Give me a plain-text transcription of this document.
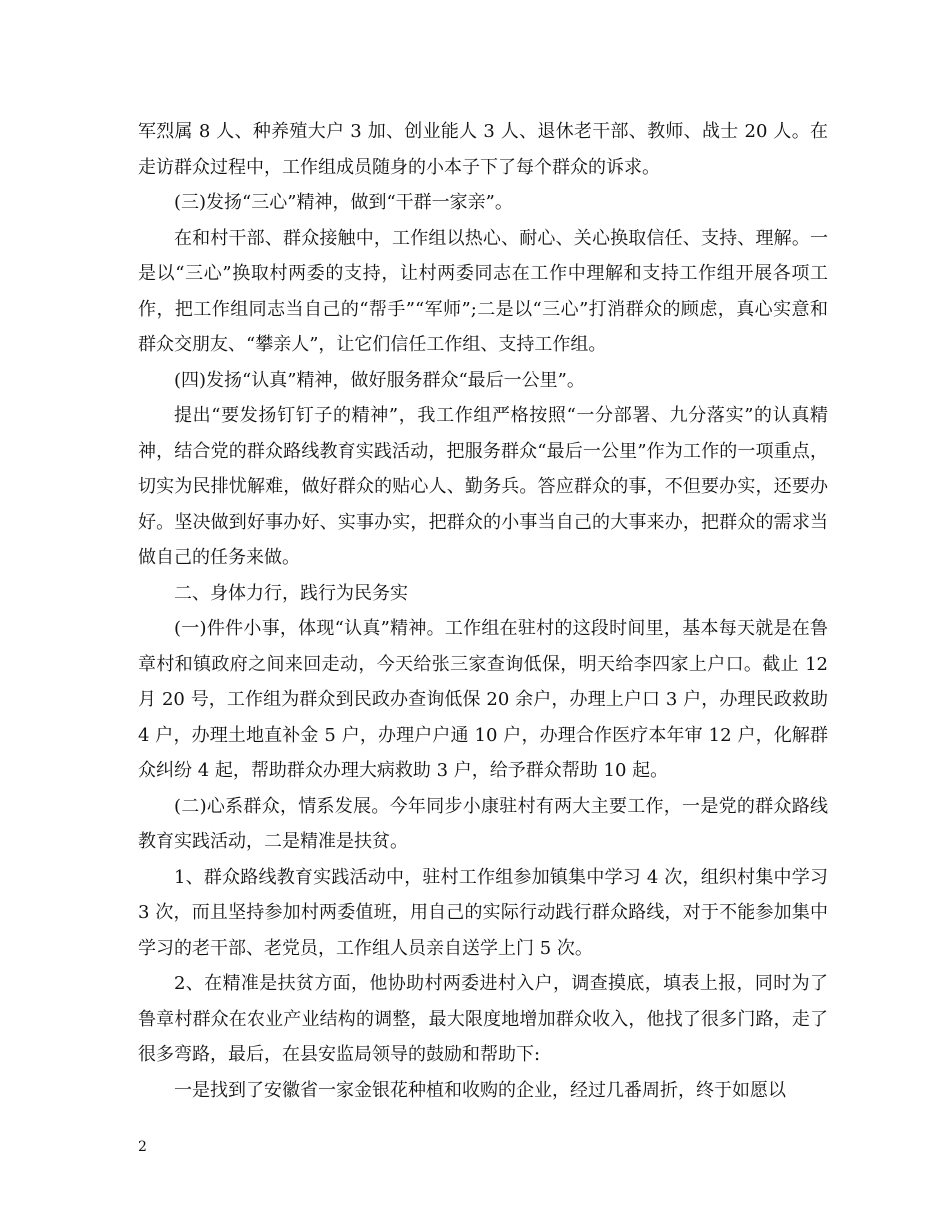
军烈属 8 人、种养殖大户 3 加、创业能人 3 人、退休老干部、教师、战士 20 人。在走访群众过程中，工作组成员随身的小本子下了每个群众的诉求。

(三)发扬“三心”精神，做到“干群一家亲”。

在和村干部、群众接触中，工作组以热心、耐心、关心换取信任、支持、理解。一是以“三心”换取村两委的支持，让村两委同志在工作中理解和支持工作组开展各项工作，把工作组同志当自己的“帮手”“军师”;二是以“三心”打消群众的顾虑，真心实意和群众交朋友、“攀亲人”，让它们信任工作组、支持工作组。

(四)发扬“认真”精神，做好服务群众“最后一公里”。

提出“要发扬钉钉子的精神”，我工作组严格按照“一分部署、九分落实”的认真精神，结合党的群众路线教育实践活动，把服务群众“最后一公里”作为工作的一项重点，切实为民排忧解难，做好群众的贴心人、勤务兵。答应群众的事，不但要办实，还要办好。坚决做到好事办好、实事办实，把群众的小事当自己的大事来办，把群众的需求当做自己的任务来做。

二、身体力行，践行为民务实

(一)件件小事，体现“认真”精神。工作组在驻村的这段时间里，基本每天就是在鲁章村和镇政府之间来回走动，今天给张三家查询低保，明天给李四家上户口。截止 12 月 20 号，工作组为群众到民政办查询低保 20 余户，办理上户口 3 户，办理民政救助 4 户，办理土地直补金 5 户，办理户户通 10 户，办理合作医疗本年审 12 户，化解群众纠纷 4 起，帮助群众办理大病救助 3 户，给予群众帮助 10 起。

(二)心系群众，情系发展。今年同步小康驻村有两大主要工作，一是党的群众路线教育实践活动，二是精准是扶贫。

1、群众路线教育实践活动中，驻村工作组参加镇集中学习 4 次，组织村集中学习 3 次，而且坚持参加村两委值班，用自己的实际行动践行群众路线，对于不能参加集中学习的老干部、老党员，工作组人员亲自送学上门 5 次。

2、在精准是扶贫方面，他协助村两委进村入户，调查摸底，填表上报，同时为了鲁章村群众在农业产业结构的调整，最大限度地增加群众收入，他找了很多门路，走了很多弯路，最后，在县安监局领导的鼓励和帮助下:

一是找到了安徽省一家金银花种植和收购的企业，经过几番周折，终于如愿以

2
